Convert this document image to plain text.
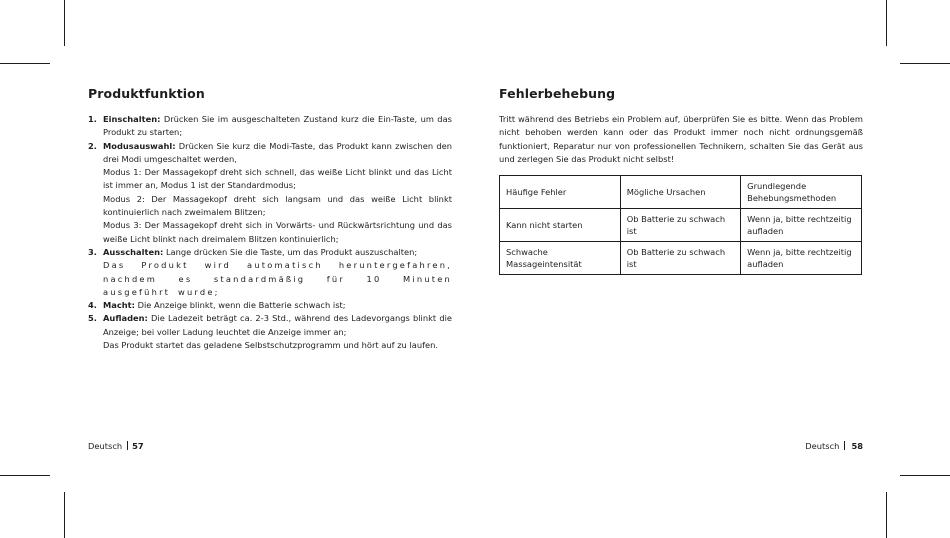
Produktfunktion
1. Einschalten: Drücken Sie im ausgeschalteten Zustand kurz die Ein-Taste, um das Produkt zu starten;
2. Modusauswahl: Drücken Sie kurz die Modi-Taste, das Produkt kann zwischen den drei Modi umgeschaltet werden,
Modus 1: Der Massagekopf dreht sich schnell, das weiße Licht blinkt und das Licht ist immer an, Modus 1 ist der Standardmodus;
Modus 2: Der Massagekopf dreht sich langsam und das weiße Licht blinkt kontinuierlich nach zweimalem Blitzen;
Modus 3: Der Massagekopf dreht sich in Vorwärts- und Rückwärtsrichtung und das weiße Licht blinkt nach dreimalem Blitzen kontinuierlich;
3. Ausschalten: Lange drücken Sie die Taste, um das Produkt auszuschalten;
Das Produkt wird automatisch heruntergefahren, nachdem es standardmäßig für 10 Minuten ausgeführt wurde;
4. Macht: Die Anzeige blinkt, wenn die Batterie schwach ist;
5. Aufladen: Die Ladezeit beträgt ca. 2-3 Std., während des Ladevorgangs blinkt die Anzeige; bei voller Ladung leuchtet die Anzeige immer an;
Das Produkt startet das geladene Selbstschutzprogramm und hört auf zu laufen.
Fehlerbehebung

Tritt während des Betriebs ein Problem auf, überprüfen Sie es bitte. Wenn das Problem nicht behoben werden kann oder das Produkt immer noch nicht ordnungsgemäß funktioniert, Reparatur nur von professionellen Technikern, schalten Sie das Gerät aus und zerlegen Sie das Produkt nicht selbst!

Häufige Fehler	Mögliche Ursachen	Grundlegende Behebungsmethoden
Kann nicht starten	Ob Batterie zu schwach ist	Wenn ja, bitte rechtzeitig aufladen
Schwache Massageintensität	Ob Batterie zu schwach ist	Wenn ja, bitte rechtzeitig aufladen
Deutsch 57	Deutsch 58
